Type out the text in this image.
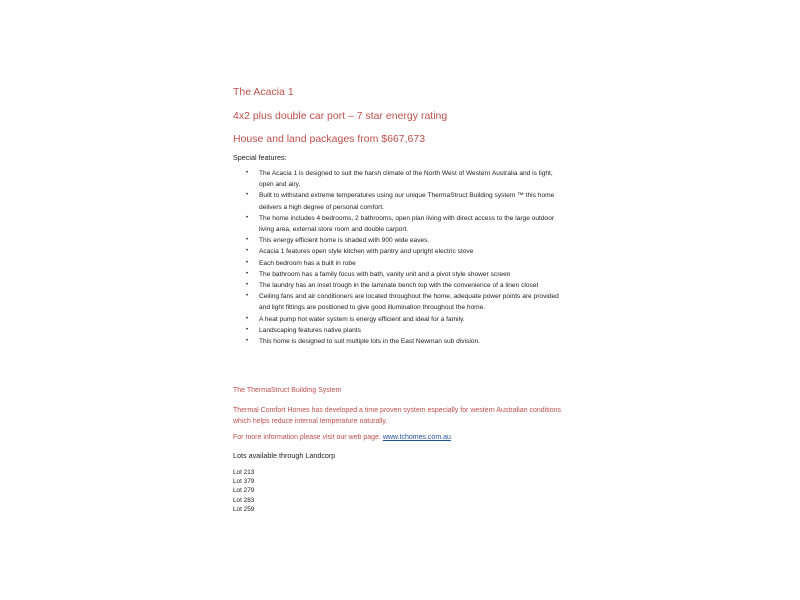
The Acacia 1
4x2 plus double car port – 7 star energy rating
House and land packages from $667,673
Special features:
• The Acacia 1 is designed to suit the harsh climate of the North West of Western Australia and is light, open and airy.
• Built to withstand extreme temperatures using our unique ThermaStruct Building system ™ this home delivers a high degree of personal comfort.
• The home includes 4 bedrooms, 2 bathrooms, open plan living with direct access to the large outdoor living area, external store room and double carport.
• This energy efficient home is shaded with 900 wide eaves.
• Acacia 1 features open style kitchen with pantry and upright electric stove
• Each bedroom has a built in robe
• The bathroom has a family focus with bath, vanity unit and a pivot style shower screen
• The laundry has an inset trough in the laminate bench top with the convenience of a linen closet
• Ceiling fans and air conditioners are located throughout the home, adequate power points are provided and light fittings are positioned to give good illumination throughout the home.
• A heat pump hot water system is energy efficient and ideal for a family.
• Landscaping features native plants
• This home is designed to suit multiple lots in the East Newman sub division.
The ThermaStruct Building System
Thermal Comfort Homes has developed a time proven system especially for western Australian conditions which helps reduce internal temperature naturally.
For more information please visit our web page. www.tchomes.com.au
Lots available through Landcorp
Lot 213
Lot 379
Lot 279
Lot 283
Lot 259
